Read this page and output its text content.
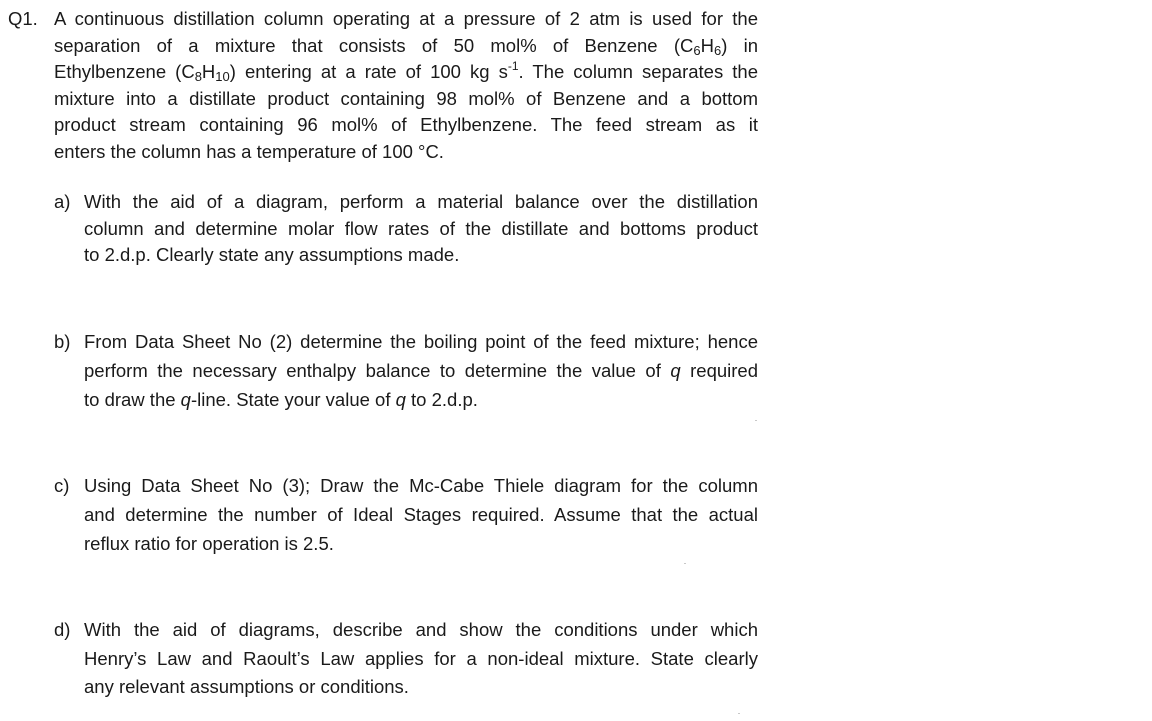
Q1. A continuous distillation column operating at a pressure of 2 atm is used for the
separation of a mixture that consists of 50 mol% of Benzene $(C_6H_6)$ in
Ethylbenzene $(C_8H_{10})$ entering at a rate of 100 kg $s^{-1}$. The column separates the
mixture into a distillate product containing 98 mol% of Benzene and a bottom
product stream containing 96 mol% of Ethylbenzene. The feed stream as it
enters the column has a temperature of 100 °C.
a) With the aid of a diagram, perform a material balance over the distillation
column and determine molar flow rates of the distillate and bottoms product
to 2.d.p. Clearly state any assumptions made.
b) From Data Sheet No (2) determine the boiling point of the feed mixture; hence
perform the necessary enthalpy balance to determine the value of q required
to draw the q-line. State your value of q to 2.d.p.
c) Using Data Sheet No (3); Draw the Mc-Cabe Thiele diagram for the column
and determine the number of Ideal Stages required. Assume that the actual
reflux ratio for operation is 2.5.
d) With the aid of diagrams, describe and show the conditions under which
Henry’s Law and Raoult’s Law applies for a non-ideal mixture. State clearly
any relevant assumptions or conditions.
